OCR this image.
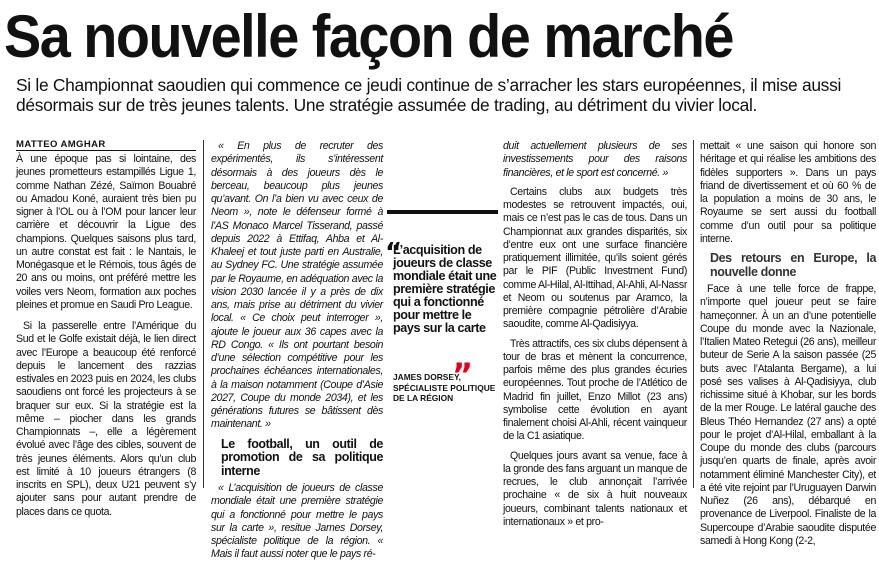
Sa nouvelle façon de marché
Si le Championnat saoudien qui commence ce jeudi continue de s’arracher les stars européennes, il mise aussi désormais sur de très jeunes talents. Une stratégie assumée de trading, au détriment du vivier local.
MATTEO AMGHAR

À une époque pas si lointaine, des jeunes prometteurs estampillés Ligue 1, comme Nathan Zézé, Saïmon Bouabré ou Amadou Koné, auraient très bien pu signer à l’OL ou à l’OM pour lancer leur carrière et découvrir la Ligue des champions. Quelques saisons plus tard, un autre constat est fait : le Nantais, le Monégasque et le Rémois, tous âgés de 20 ans ou moins, ont préféré mettre les voiles vers Neom, formation aux poches pleines et promue en Saudi Pro League.

Si la passerelle entre l’Amérique du Sud et le Golfe existait déjà, le lien direct avec l’Europe a beaucoup été renforcé depuis le lancement des razzias estivales en 2023 puis en 2024, les clubs saoudiens ont forcé les projecteurs à se braquer sur eux. Si la stratégie est la même – piocher dans les grands Championnats –, elle a légèrement évolué avec l’âge des cibles, souvent de très jeunes éléments. Alors qu’un club est limité à 10 joueurs étrangers (8 inscrits en SPL), deux U21 peuvent s’y ajouter sans pour autant prendre de places dans ce quota.

« En plus de recruter des expérimentés, ils s’intéressent désormais à des joueurs dès le berceau, beaucoup plus jeunes qu’avant. On l’a bien vu avec ceux de Neom », note le défenseur formé à l’AS Monaco Marcel Tisserand, passé depuis 2022 à Ettifaq, Ahba et Al-Khaleej et tout juste parti en Australie, au Sydney FC. Une stratégie assumée par le Royaume, en adéquation avec la vision 2030 lancée il y a près de dix ans, mais prise au détriment du vivier local. « Ce choix peut interroger », ajoute le joueur aux 36 capes avec la RD Congo. « Ils ont pourtant besoin d’une sélection compétitive pour les prochaines échéances internationales, à la maison notamment (Coupe d’Asie 2027, Coupe du monde 2034), et les générations futures se bâtissent dès maintenant. »

Le football, un outil de promotion de sa politique interne

« L’acquisition de joueurs de classe mondiale était une première stratégie qui a fonctionné pour mettre le pays sur la carte », resitue James Dorsey, spécialiste politique de la région. « Mais il faut aussi noter que le pays ré-

“
L’acquisition de joueurs de classe mondiale était une première stratégie qui a fonctionné pour mettre le pays sur la carte
”
JAMES DORSEY, SPÉCIALISTE POLITIQUE DE LA RÉGION

duit actuellement plusieurs de ses investissements pour des raisons financières, et le sport est concerné. »

Certains clubs aux budgets très modestes se retrouvent impactés, oui, mais ce n’est pas le cas de tous. Dans un Championnat aux grandes disparités, six d’entre eux ont une surface financière pratiquement illimitée, qu’ils soient gérés par le PIF (Public Investment Fund) comme Al-Hilal, Al-Ittihad, Al-Ahli, Al-Nassr et Neom ou soutenus par Aramco, la première compagnie pétrolière d’Arabie saoudite, comme Al-Qadisiyya.

Très attractifs, ces six clubs dépensent à tour de bras et mènent la concurrence, parfois même des plus grandes écuries européennes. Tout proche de l’Atlético de Madrid fin juillet, Enzo Millot (23 ans) symbolise cette évolution en ayant finalement choisi Al-Ahli, récent vainqueur de la C1 asiatique.

Quelques jours avant sa venue, face à la gronde des fans arguant un manque de recrues, le club annonçait l’arrivée prochaine « de six à huit nouveaux joueurs, combinant talents nationaux et internationaux » et pro-

mettait « une saison qui honore son héritage et qui réalise les ambitions des fidèles supporters ». Dans un pays friand de divertissement et où 60 % de la population a moins de 30 ans, le Royaume se sert aussi du football comme d’un outil pour sa politique interne.

Des retours en Europe, la nouvelle donne

Face à une telle force de frappe, n’importe quel joueur peut se faire hameçonner. À un an d’une potentielle Coupe du monde avec la Nazionale, l’Italien Mateo Retegui (26 ans), meilleur buteur de Serie A la saison passée (25 buts avec l’Atalanta Bergame), a lui posé ses valises à Al-Qadisiyya, club richissime situé à Khobar, sur les bords de la mer Rouge. Le latéral gauche des Bleus Théo Hernandez (27 ans) a opté pour le projet d’Al-Hilal, emballant à la Coupe du monde des clubs (parcours jusqu’en quarts de finale, après avoir notamment éliminé Manchester City), et a été vite rejoint par l’Uruguayen Darwin Nuñez (26 ans), débarqué en provenance de Liverpool. Finaliste de la Supercoupe d’Arabie saoudite disputée samedi à Hong Kong (2-2,
